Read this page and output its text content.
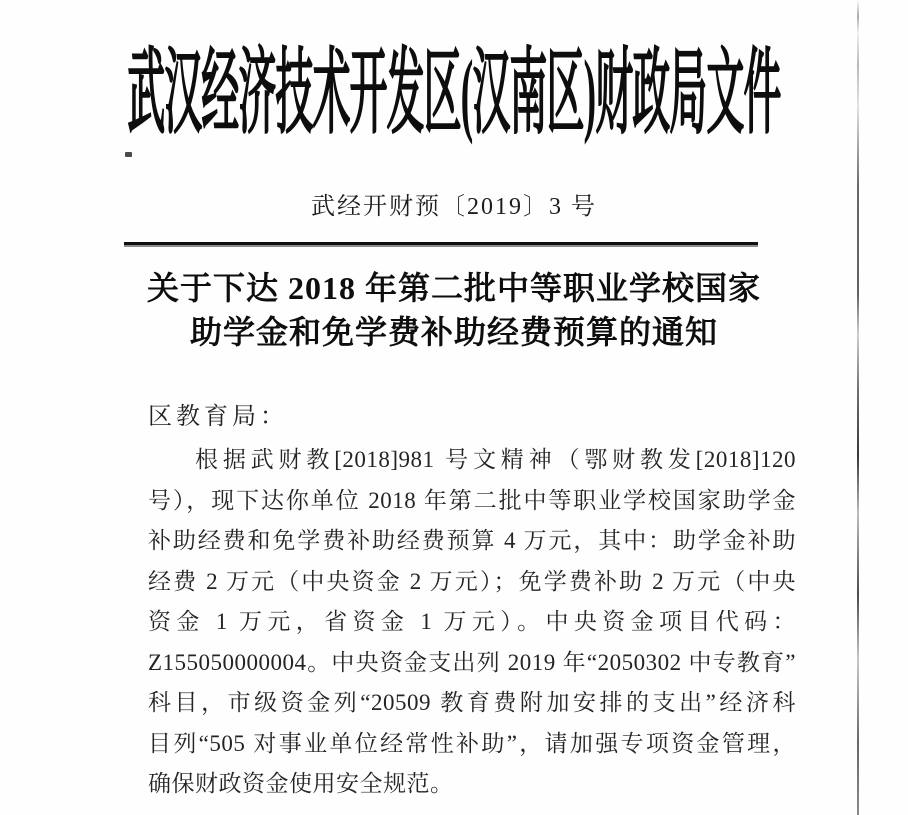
武汉经济技术开发区(汉南区)财政局文件
武经开财预〔2019〕3 号
关于下达 2018 年第二批中等职业学校国家
助学金和免学费补助经费预算的通知
区教育局：
根据武财教[2018]981 号文精神（鄂财教发[2018]120
号），现下达你单位 2018 年第二批中等职业学校国家助学金
补助经费和免学费补助经费预算 4 万元，其中：助学金补助
经费 2 万元（中央资金 2 万元）；免学费补助 2 万元（中央
资金 1 万元，省资金 1 万元）。中央资金项目代码：
Z155050000004。中央资金支出列 2019 年“2050302 中专教育”
科目，市级资金列“20509 教育费附加安排的支出”经济科
目列“505 对事业单位经常性补助”，请加强专项资金管理，
确保财政资金使用安全规范。
